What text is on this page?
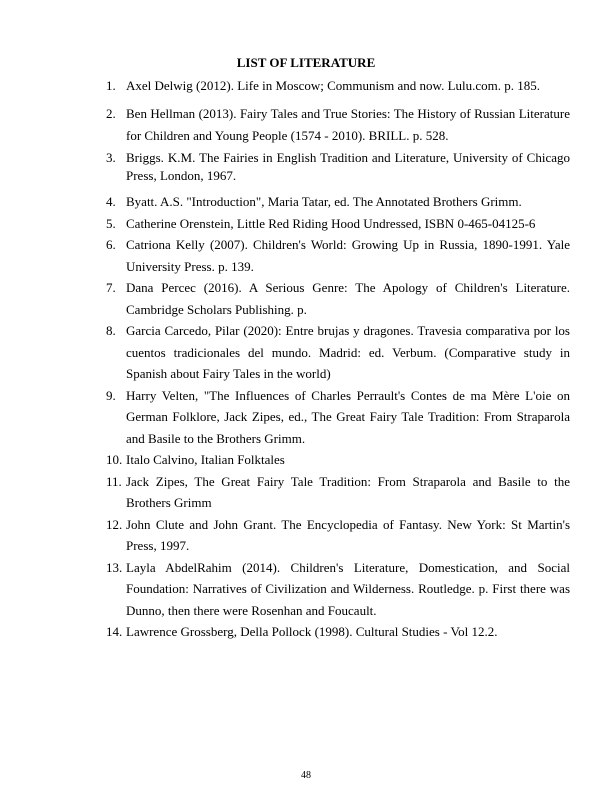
LIST OF LITERATURE
1. Axel Delwig (2012). Life in Moscow; Communism and now. Lulu.com. p. 185.
2. Ben Hellman (2013). Fairy Tales and True Stories: The History of Russian Literature for Children and Young People (1574 - 2010). BRILL. p. 528.
3. Briggs. K.M. The Fairies in English Tradition and Literature, University of Chicago Press, London, 1967.
4. Byatt. A.S. "Introduction", Maria Tatar, ed. The Annotated Brothers Grimm.
5. Catherine Orenstein, Little Red Riding Hood Undressed, ISBN 0-465-04125-6
6. Catriona Kelly (2007). Children's World: Growing Up in Russia, 1890-1991. Yale University Press. p. 139.
7. Dana Percec (2016). A Serious Genre: The Apology of Children's Literature. Cambridge Scholars Publishing. p.
8. Garcia Carcedo, Pilar (2020): Entre brujas y dragones. Travesia comparativa por los cuentos tradicionales del mundo. Madrid: ed. Verbum. (Comparative study in Spanish about Fairy Tales in the world)
9. Harry Velten, "The Influences of Charles Perrault's Contes de ma Mère L'oie on German Folklore, Jack Zipes, ed., The Great Fairy Tale Tradition: From Straparola and Basile to the Brothers Grimm.
10. Italo Calvino, Italian Folktales
11. Jack Zipes, The Great Fairy Tale Tradition: From Straparola and Basile to the Brothers Grimm
12. John Clute and John Grant. The Encyclopedia of Fantasy. New York: St Martin's Press, 1997.
13. Layla AbdelRahim (2014). Children's Literature, Domestication, and Social Foundation: Narratives of Civilization and Wilderness. Routledge. p. First there was Dunno, then there were Rosenhan and Foucault.
14. Lawrence Grossberg, Della Pollock (1998). Cultural Studies - Vol 12.2.
48
